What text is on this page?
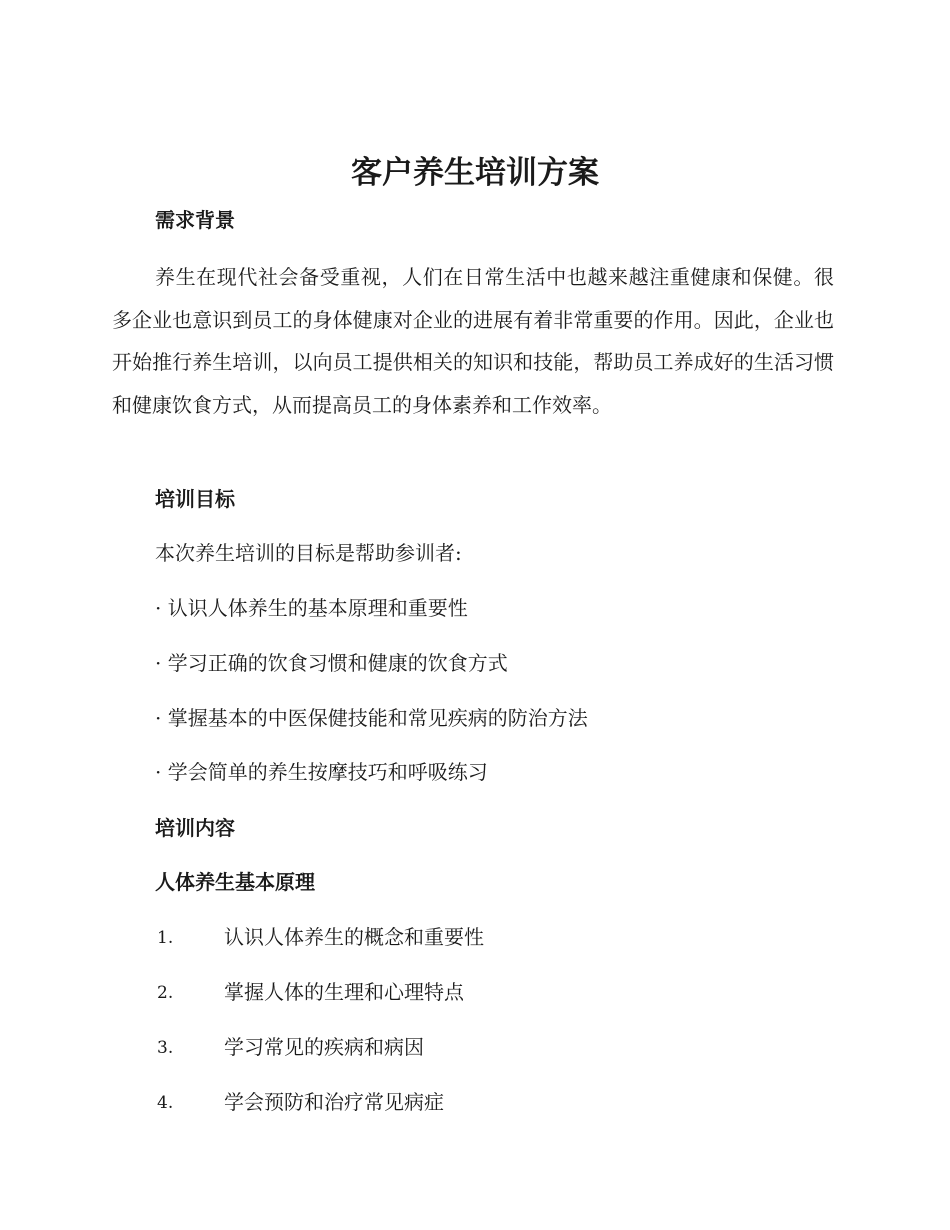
客户养生培训方案
需求背景

养生在现代社会备受重视，人们在日常生活中也越来越注重健康和保健。很多企业也意识到员工的身体健康对企业的进展有着非常重要的作用。因此，企业也开始推行养生培训，以向员工提供相关的知识和技能，帮助员工养成好的生活习惯和健康饮食方式，从而提高员工的身体素养和工作效率。

培训目标

本次养生培训的目标是帮助参训者:

· 认识人体养生的基本原理和重要性

· 学习正确的饮食习惯和健康的饮食方式

· 掌握基本的中医保健技能和常见疾病的防治方法

· 学会简单的养生按摩技巧和呼吸练习

培训内容
人体养生基本原理
1.	认识人体养生的概念和重要性
2.	掌握人体的生理和心理特点
3.	学习常见的疾病和病因
4.	学会预防和治疗常见病症
